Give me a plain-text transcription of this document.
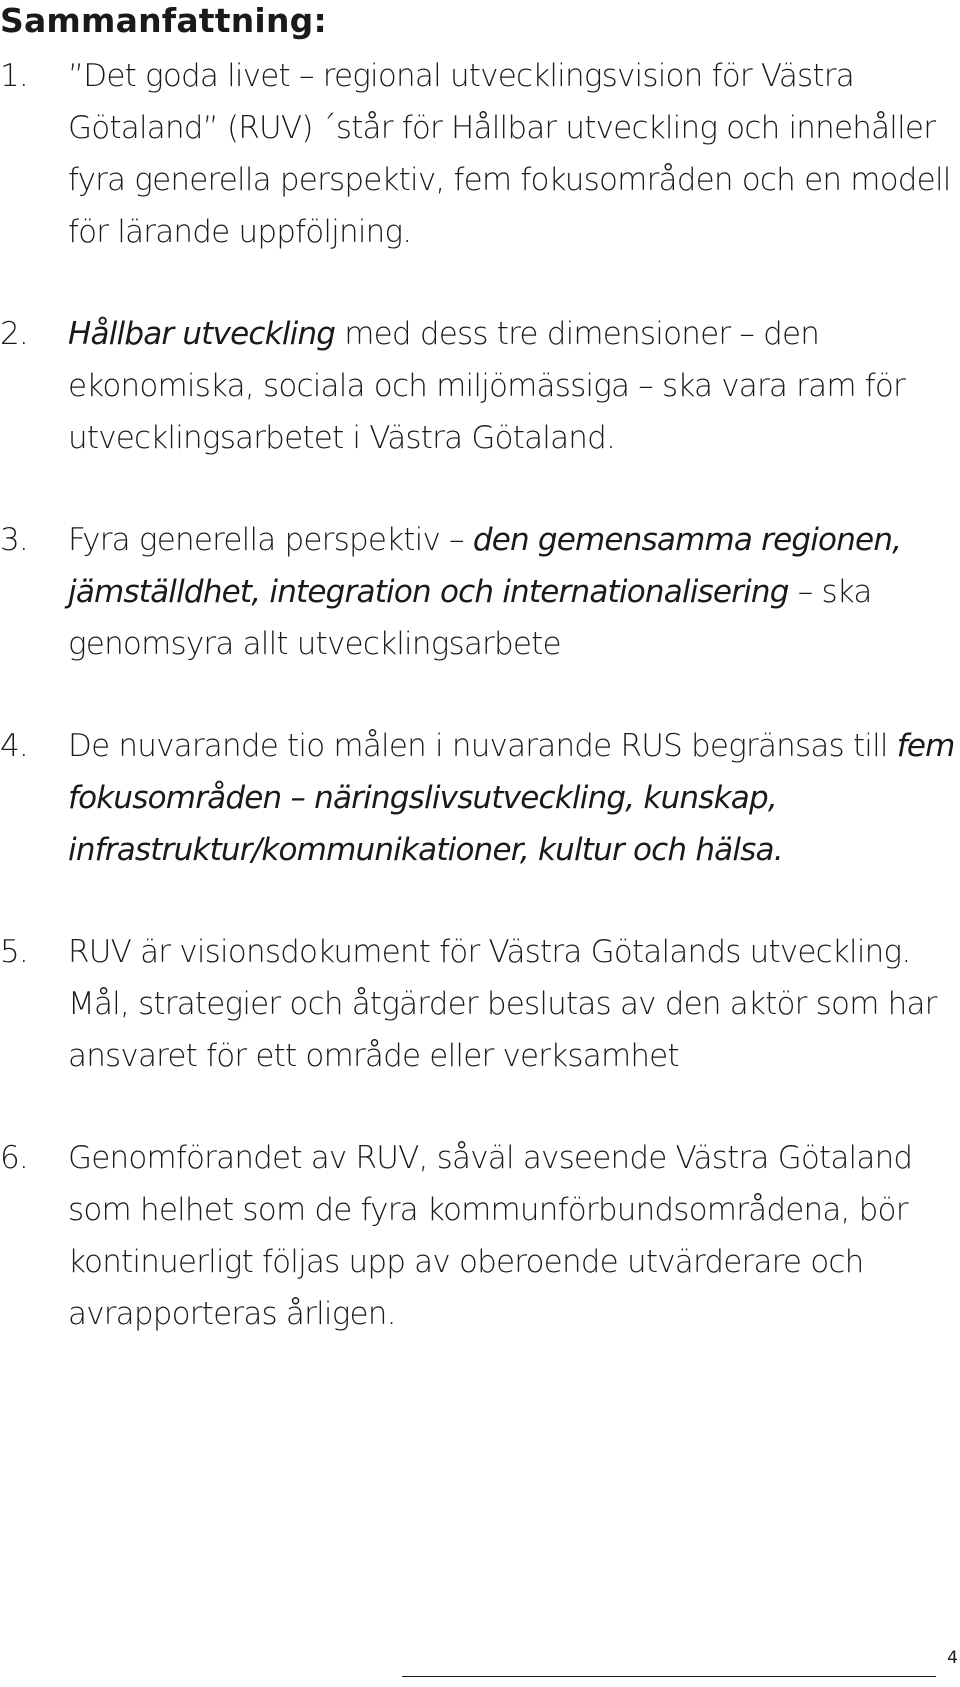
Sammanfattning:
1.	”Det goda livet – regional utvecklingsvision för Västra Götaland” (RUV) ´står för Hållbar utveckling och innehåller fyra generella perspektiv, fem fokusområden och en modell för lärande uppföljning.
2.	Hållbar utveckling med dess tre dimensioner – den ekonomiska, sociala och miljömässiga – ska vara ram för utvecklingsarbetet i Västra Götaland.
3.	Fyra generella perspektiv – den gemensamma regionen, jämställdhet, integration och internationalisering – ska genomsyra allt utvecklingsarbete
4.	De nuvarande tio målen i nuvarande RUS begränsas till fem fokusområden – näringslivsutveckling, kunskap, infrastruktur/kommunikationer, kultur och hälsa.
5.	RUV är visionsdokument för Västra Götalands utveckling. Mål, strategier och åtgärder beslutas av den aktör som har ansvaret för ett område eller verksamhet
6.	Genomförandet av RUV, såväl avseende Västra Götaland som helhet som de fyra kommunförbundsområdena, bör kontinuerligt följas upp av oberoende utvärderare och avrapporteras årligen.
4
